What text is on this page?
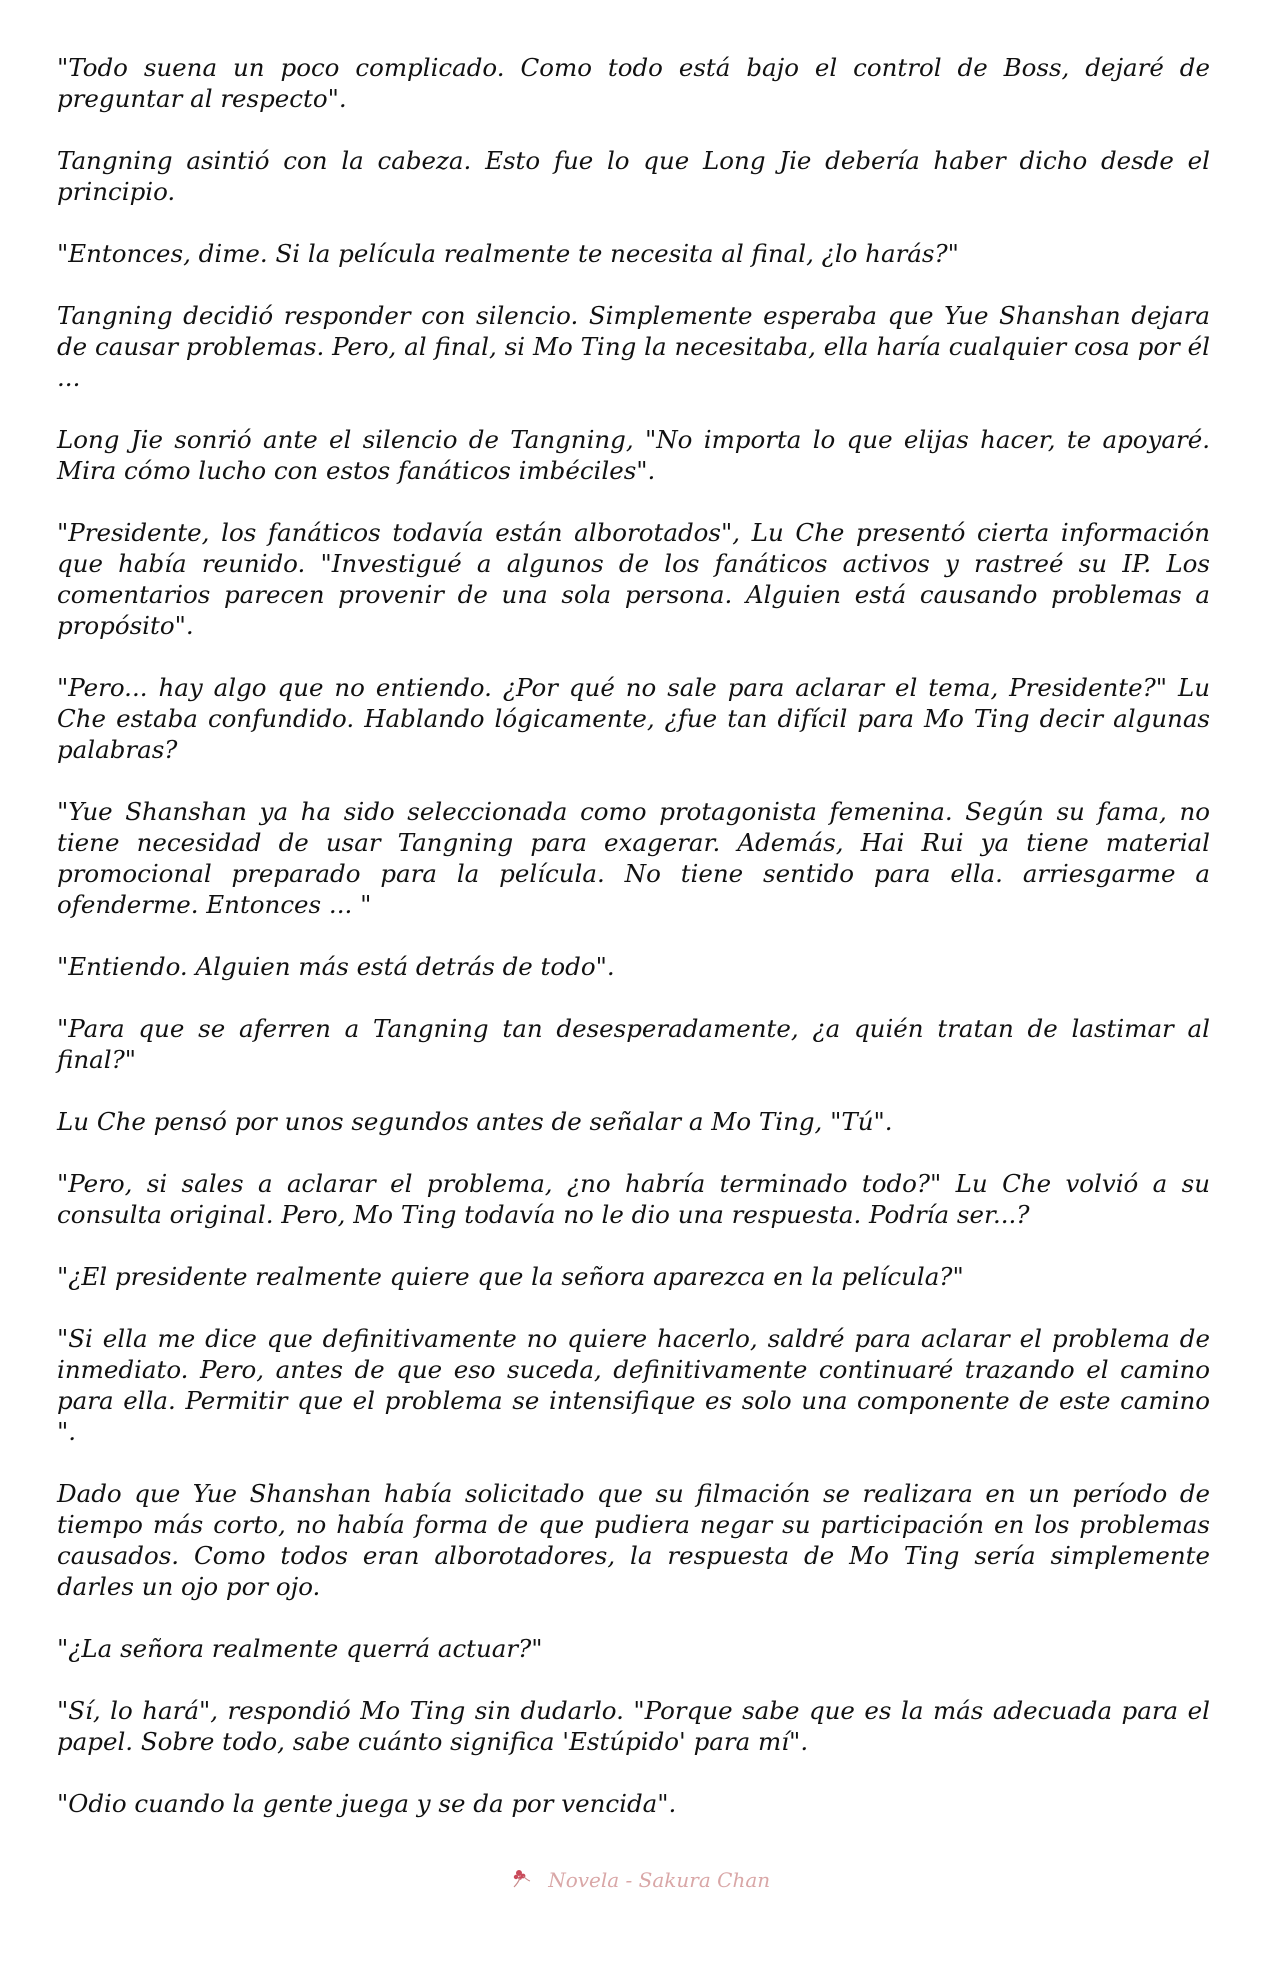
"Todo suena un poco complicado. Como todo está bajo el control de Boss, dejaré de preguntar al respecto".

Tangning asintió con la cabeza. Esto fue lo que Long Jie debería haber dicho desde el principio.

"Entonces, dime. Si la película realmente te necesita al final, ¿lo harás?"

Tangning decidió responder con silencio. Simplemente esperaba que Yue Shanshan dejara de causar problemas. Pero, al final, si Mo Ting la necesitaba, ella haría cualquier cosa por él ...

Long Jie sonrió ante el silencio de Tangning, "No importa lo que elijas hacer, te apoyaré. Mira cómo lucho con estos fanáticos imbéciles".

"Presidente, los fanáticos todavía están alborotados", Lu Che presentó cierta información que había reunido. "Investigué a algunos de los fanáticos activos y rastreé su IP. Los comentarios parecen provenir de una sola persona. Alguien está causando problemas a propósito".

"Pero... hay algo que no entiendo. ¿Por qué no sale para aclarar el tema, Presidente?" Lu Che estaba confundido. Hablando lógicamente, ¿fue tan difícil para Mo Ting decir algunas palabras?

"Yue Shanshan ya ha sido seleccionada como protagonista femenina. Según su fama, no tiene necesidad de usar Tangning para exagerar. Además, Hai Rui ya tiene material promocional preparado para la película. No tiene sentido para ella. arriesgarme a ofenderme. Entonces ... "

"Entiendo. Alguien más está detrás de todo".

"Para que se aferren a Tangning tan desesperadamente, ¿a quién tratan de lastimar al final?"

Lu Che pensó por unos segundos antes de señalar a Mo Ting, "Tú".

"Pero, si sales a aclarar el problema, ¿no habría terminado todo?" Lu Che volvió a su consulta original. Pero, Mo Ting todavía no le dio una respuesta. Podría ser...?

"¿El presidente realmente quiere que la señora aparezca en la película?"

"Si ella me dice que definitivamente no quiere hacerlo, saldré para aclarar el problema de inmediato. Pero, antes de que eso suceda, definitivamente continuaré trazando el camino para ella. Permitir que el problema se intensifique es solo una componente de este camino ".

Dado que Yue Shanshan había solicitado que su filmación se realizara en un período de tiempo más corto, no había forma de que pudiera negar su participación en los problemas causados. Como todos eran alborotadores, la respuesta de Mo Ting sería simplemente darles un ojo por ojo.

"¿La señora realmente querrá actuar?"

"Sí, lo hará", respondió Mo Ting sin dudarlo. "Porque sabe que es la más adecuada para el papel. Sobre todo, sabe cuánto significa 'Estúpido' para mí".

"Odio cuando la gente juega y se da por vencida".

Novela - Sakura Chan
